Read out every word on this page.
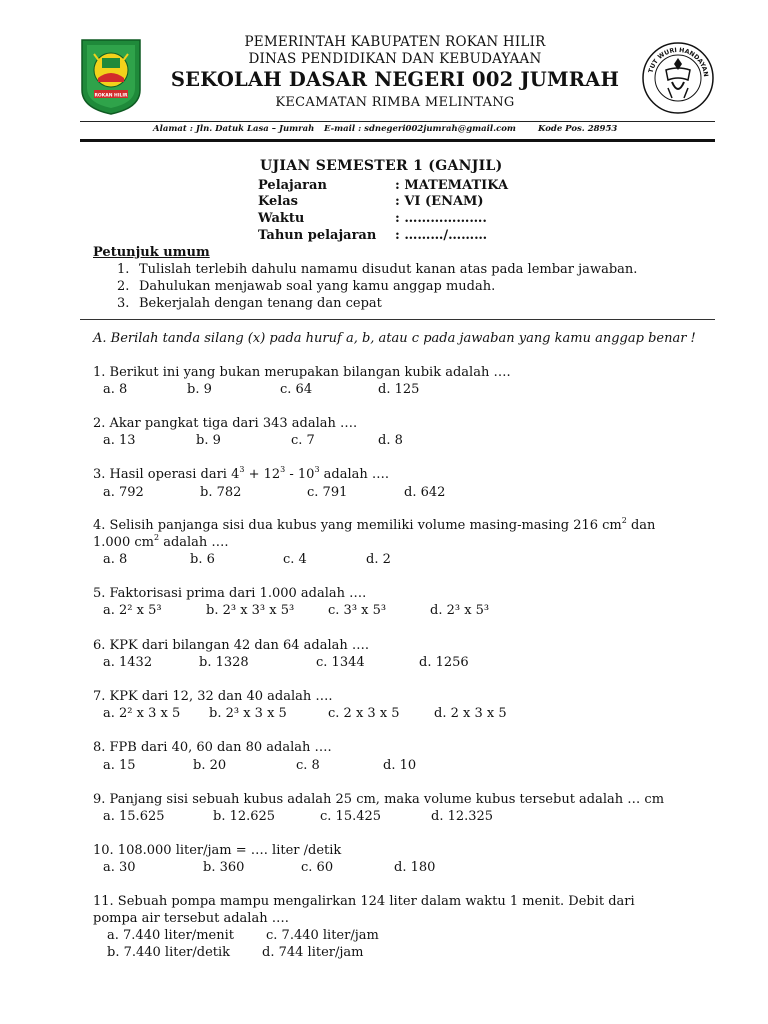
ROKAN HILIR
TUT WURI HANDAYAN
PEMERINTAH KABUPATEN ROKAN HILIR
DINAS PENDIDIKAN DAN KEBUDAYAAN
SEKOLAH DASAR NEGERI 002 JUMRAH
KECAMATAN RIMBA MELINTANG
Alamat : Jln. Datuk Lasa – Jumrah E-mail : sdnegeri002jumrah@gmail.com	Kode Pos. 28953
UJIAN SEMESTER 1 (GANJIL)
Pelajaran	: MATEMATIKA
Kelas	: VI (ENAM)
Waktu	: ……………….
Tahun pelajaran : ………/………
Petunjuk umum
1. Tulislah terlebih dahulu namamu disudut kanan atas pada lembar jawaban.
2. Dahulukan menjawab soal yang kamu anggap mudah.
3. Bekerjalah dengan tenang dan cepat
A. Berilah tanda silang (x) pada huruf a, b, atau c pada jawaban yang kamu anggap benar !
1. Berikut ini yang bukan merupakan bilangan kubik adalah ….
a. 8	b. 9	c. 64	d. 125
2. Akar pangkat tiga dari 343 adalah ….
a. 13	b. 9	c. 7	d. 8
3. Hasil operasi dari $4^3 + 12^3 - 10^3$ adalah ….
a. 792	b. 782	c. 791	d. 642
4. Selisih panjanga sisi dua kubus yang memiliki volume masing-masing 216 $cm^2$ dan
1.000 $cm^2$ adalah ….
a. 8	b. 6	c. 4	d. 2
5. Faktorisasi prima dari 1.000 adalah ….
a. 2² x 5³	b. 2³ x 3³ x 5³	c. 3³ x 5³	d. 2³ x 5³
6. KPK dari bilangan 42 dan 64 adalah ….
a. 1432	b. 1328	c. 1344	d. 1256
7. KPK dari 12, 32 dan 40 adalah ….
a. 2² x 3 x 5 b. 2³ x 3 x 5	c. 2 x 3 x 5	d. 2 x 3 x 5
8. FPB dari 40, 60 dan 80 adalah ….
a. 15	b. 20	c. 8	d. 10
9. Panjang sisi sebuah kubus adalah 25 cm, maka volume kubus tersebut adalah … cm
a. 15.625	b. 12.625	c. 15.425	d. 12.325
10. 108.000 liter/jam = …. liter /detik
a. 30	b. 360	c. 60	d. 180
11. Sebuah pompa mampu mengalirkan 124 liter dalam waktu 1 menit. Debit dari
pompa air tersebut adalah ….
a. 7.440 liter/menit c. 7.440 liter/jam
b. 7.440 liter/detik d. 744 liter/jam
